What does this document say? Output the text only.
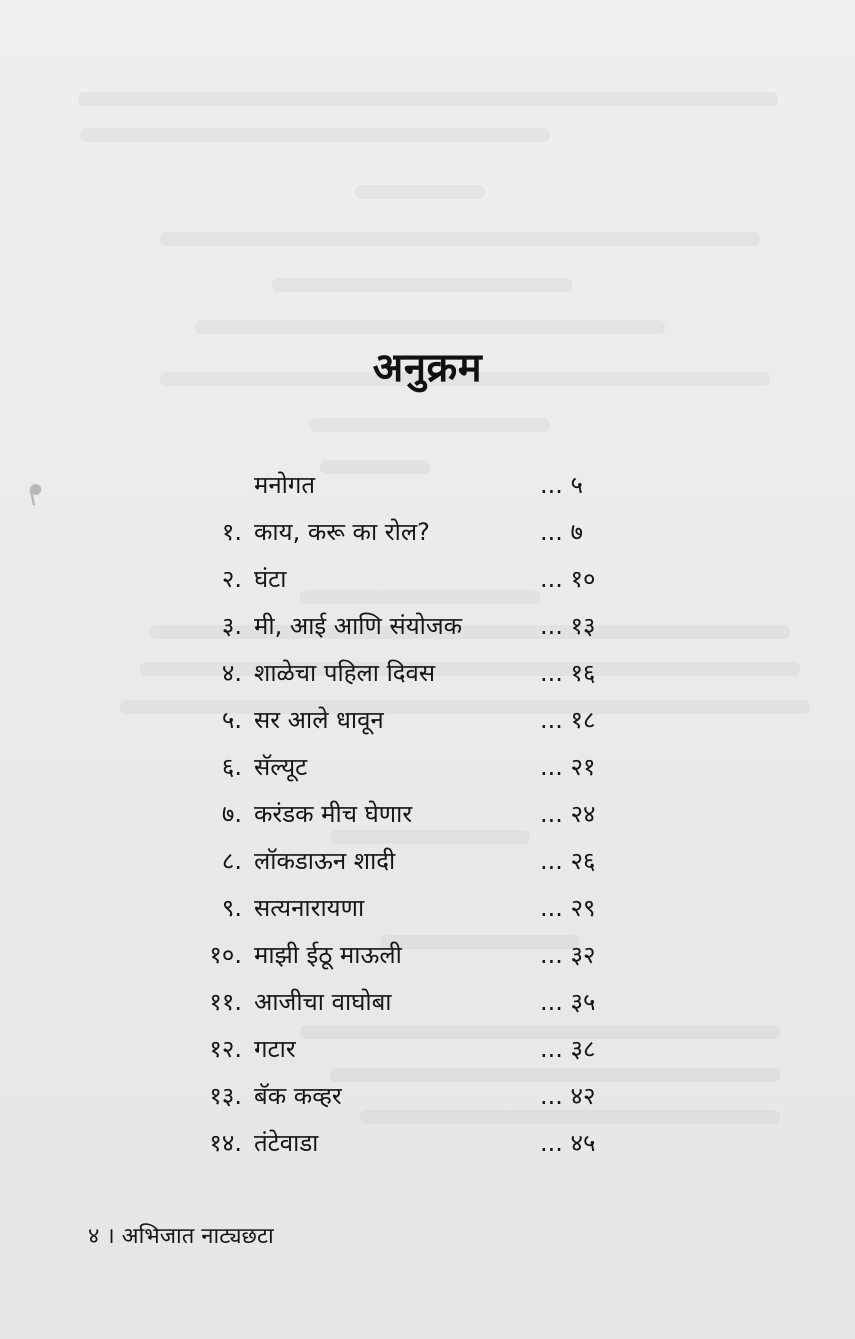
ᖰ
अनुक्रम
मनोगत	... ५
१. काय, करू का रोल?	... ७
२. घंटा	... १०
३. मी, आई आणि संयोजक	... १३
४. शाळेचा पहिला दिवस	... १६
५. सर आले धावून	... १८
६. सॅल्यूट	... २१
७. करंडक मीच घेणार	... २४
८. लॉकडाऊन शादी	... २६
९. सत्यनारायणा	... २९
१०. माझी ईठू माऊली	... ३२
११. आजीचा वाघोबा	... ३५
१२. गटार	... ३८
१३. बॅक कव्हर	... ४२
१४. तंटेवाडा	... ४५
४ । अभिजात नाट्यछटा
